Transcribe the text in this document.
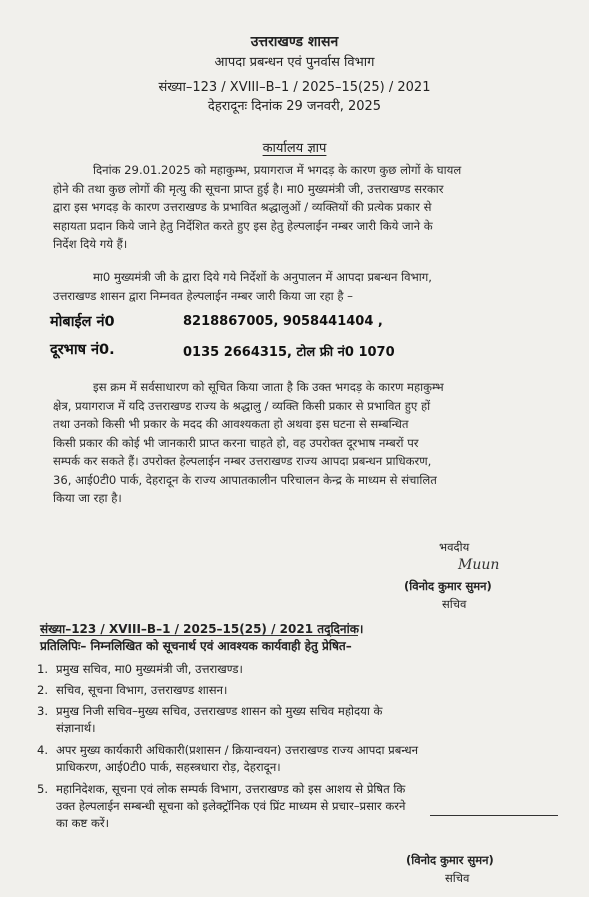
उत्तराखण्ड शासन
आपदा प्रबन्धन एवं पुनर्वास विभाग
संख्या–123 / XVIII–B–1 / 2025–15(25) / 2021
देहरादूनः दिनांक 29 जनवरी, 2025
कार्यालय ज्ञाप
दिनांक 29.01.2025 को महाकुम्भ, प्रयागराज में भगदड़ के कारण कुछ लोगों के घायल
होने की तथा कुछ लोगों की मृत्यु की सूचना प्राप्त हुई है। मा0 मुख्यमंत्री जी, उत्तराखण्ड सरकार
द्वारा इस भगदड़ के कारण उत्तराखण्ड के प्रभावित श्रद्धालुओं / व्यक्तियों की प्रत्येक प्रकार से
सहायता प्रदान किये जाने हेतु निर्देशित करते हुए इस हेतु हेल्पलाईन नम्बर जारी किये जाने के
निर्देश दिये गये हैं।
मा0 मुख्यमंत्री जी के द्वारा दिये गये निर्देशों के अनुपालन में आपदा प्रबन्धन विभाग,
उत्तराखण्ड शासन द्वारा निम्नवत हेल्पलाईन नम्बर जारी किया जा रहा है –
मोबाईल नं0	8218867005, 9058441404 ,
दूरभाष नं0.	0135 2664315, टोल फ्री नं0 1070
इस क्रम में सर्वसाधारण को सूचित किया जाता है कि उक्त भगदड़ के कारण महाकुम्भ
क्षेत्र, प्रयागराज में यदि उत्तराखण्ड राज्य के श्रद्धालु / व्यक्ति किसी प्रकार से प्रभावित हुए हों
तथा उनको किसी भी प्रकार के मदद की आवश्यकता हो अथवा इस घटना से सम्बन्धित
किसी प्रकार की कोई भी जानकारी प्राप्त करना चाहते हो, वह उपरोक्त दूरभाष नम्बरों पर
सम्पर्क कर सकते हैं। उपरोक्त हेल्पलाईन नम्बर उत्तराखण्ड राज्य आपदा प्रबन्धन प्राधिकरण,
36, आई0टी0 पार्क, देहरादून के राज्य आपातकालीन परिचालन केन्द्र के माध्यम से संचालित
किया जा रहा है।
भवदीय
Muun
(विनोद कुमार सुमन)
सचिव
संख्या–123 / XVIII–B–1 / 2025–15(25) / 2021 तद्‌दिनांक।
प्रतिलिपिः– निम्नलिखित को सूचनार्थ एवं आवश्यक कार्यवाही हेतु प्रेषित–
1. प्रमुख सचिव, मा0 मुख्यमंत्री जी, उत्तराखण्ड।
2. सचिव, सूचना विभाग, उत्तराखण्ड शासन।
3. प्रमुख निजी सचिव–मुख्य सचिव, उत्तराखण्ड शासन को मुख्य सचिव महोदया के
संज्ञानार्थ।
4. अपर मुख्य कार्यकारी अधिकारी(प्रशासन / क्रियान्वयन) उत्तराखण्ड राज्य आपदा प्रबन्धन
प्राधिकरण, आई0टी0 पार्क, सहस्त्रधारा रोड़, देहरादून।
5. महानिदेशक, सूचना एवं लोक सम्पर्क विभाग, उत्तराखण्ड को इस आशय से प्रेषित कि
उक्त हेल्पलाईन सम्बन्धी सूचना को इलेक्ट्रॉनिक एवं प्रिंट माध्यम से प्रचार–प्रसार करने
का कष्ट करें।
(विनोद कुमार सुमन)
सचिव
